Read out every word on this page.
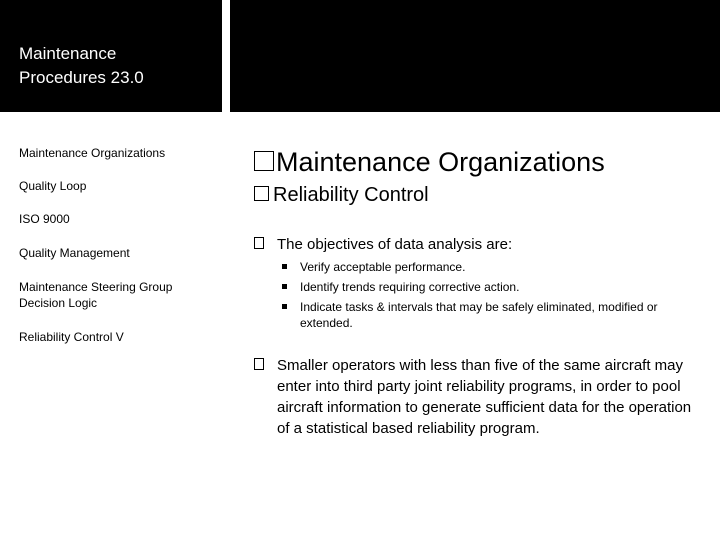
Maintenance
Procedures 23.0
Maintenance Organizations
Quality Loop
ISO 9000
Quality Management
Maintenance Steering Group
Decision Logic
Reliability Control V
Maintenance Organizations
Reliability Control
The objectives of data analysis are:
Verify acceptable performance.
Identify trends requiring corrective action.
Indicate tasks & intervals that may be safely eliminated, modified or extended.
Smaller operators with less than five of the same aircraft may enter into third party joint reliability programs, in order to pool aircraft information to generate sufficient data for the operation of a statistical based reliability program.
